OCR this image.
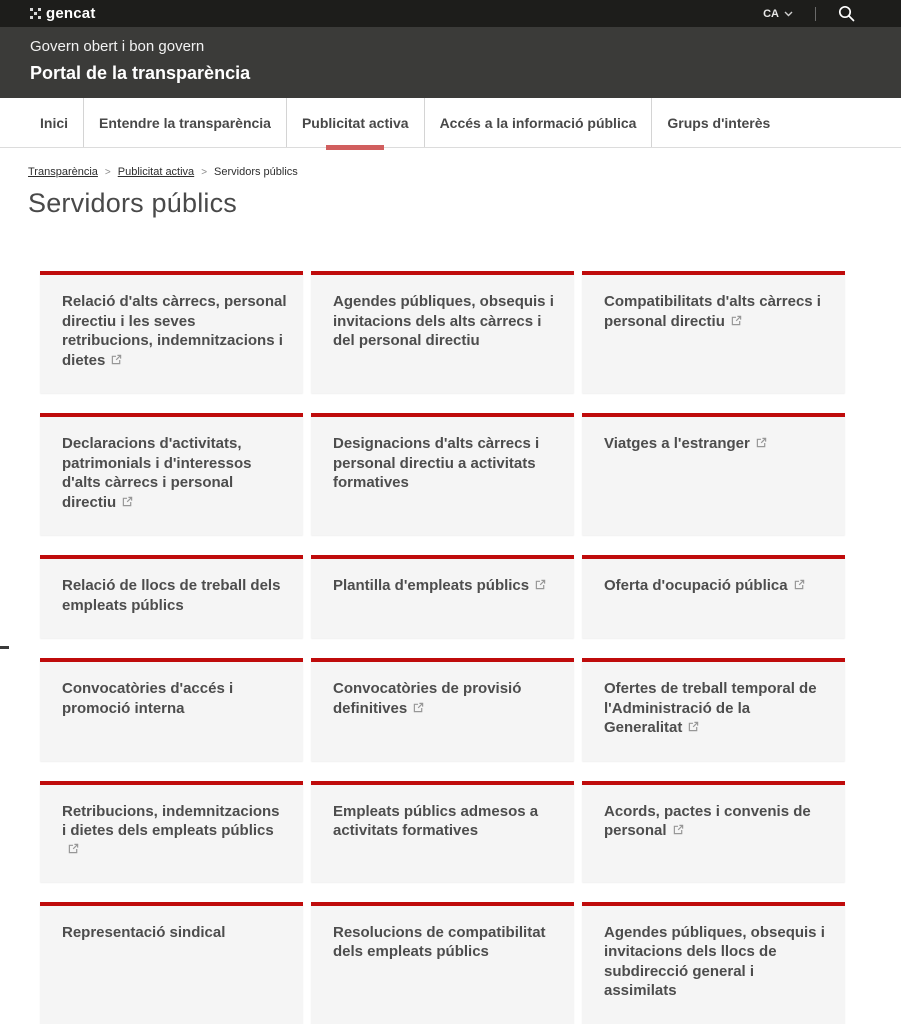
gencat	CA
Govern obert i bon govern
Portal de la transparència
Inici Entendre la transparència Publicitat activa Accés a la informació pública Grups d'interès
Transparència > Publicitat activa > Servidors públics
Servidors públics
Relació d'alts càrrecs, personal directiu i les seves retribucions, indemnitzacions i dietes
Agendes públiques, obsequis i invitacions dels alts càrrecs i del personal directiu
Compatibilitats d'alts càrrecs i personal directiu
Declaracions d'activitats, patrimonials i d'interessos d'alts càrrecs i personal directiu
Designacions d'alts càrrecs i personal directiu a activitats formatives
Viatges a l'estranger
Relació de llocs de treball dels empleats públics
Plantilla d'empleats públics	Oferta d'ocupació pública
Convocatòries d'accés i promoció interna
Convocatòries de provisió definitives
Ofertes de treball temporal de l'Administració de la Generalitat
Retribucions, indemnitzacions i dietes dels empleats públics
Empleats públics admesos a activitats formatives
Acords, pactes i convenis de personal
Representació sindical	Resolucions de compatibilitat dels empleats públics
Agendes públiques, obsequis i invitacions dels llocs de subdirecció general i assimilats
